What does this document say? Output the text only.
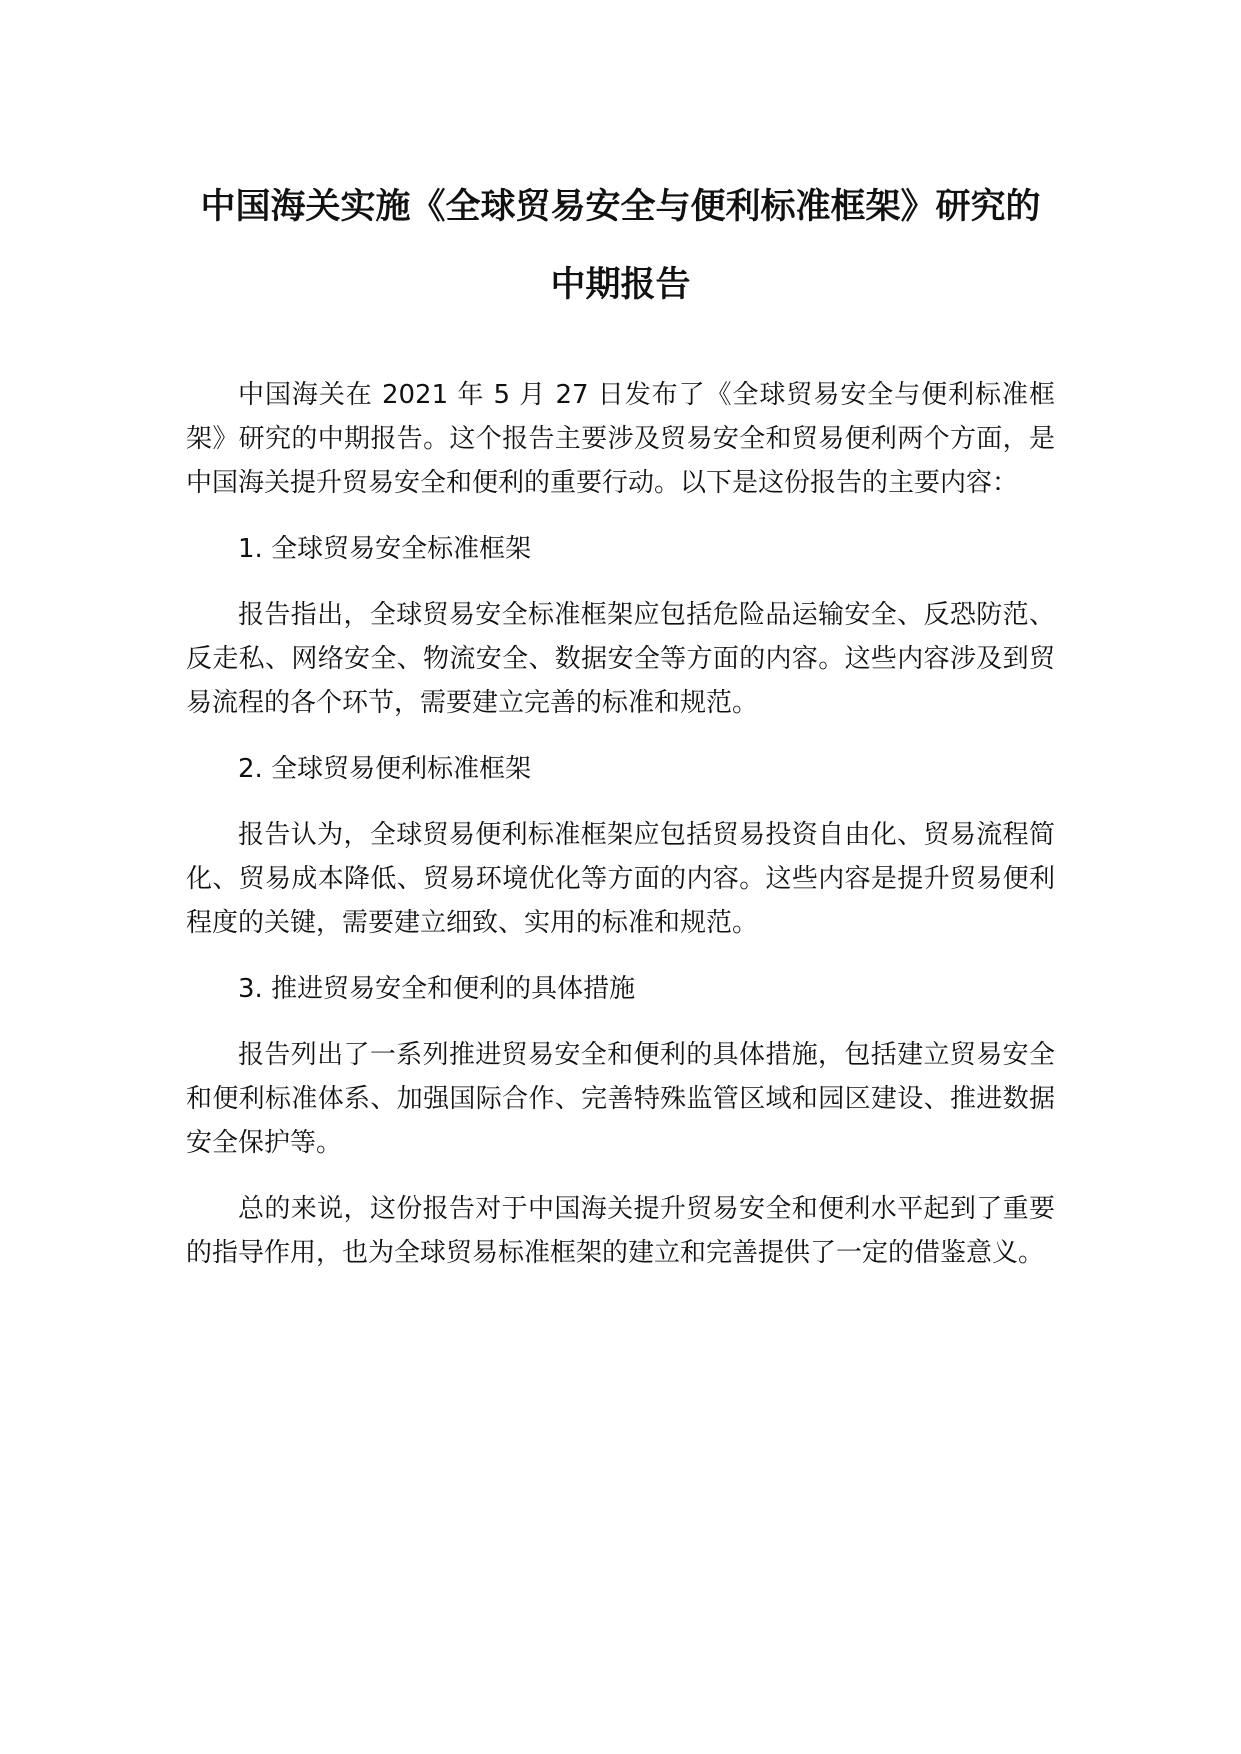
中国海关实施《全球贸易安全与便利标准框架》研究的中期报告

中国海关在 2021 年 5 月 27 日发布了《全球贸易安全与便利标准框架》研究的中期报告。这个报告主要涉及贸易安全和贸易便利两个方面，是中国海关提升贸易安全和便利的重要行动。以下是这份报告的主要内容：

1. 全球贸易安全标准框架

报告指出，全球贸易安全标准框架应包括危险品运输安全、反恐防范、反走私、网络安全、物流安全、数据安全等方面的内容。这些内容涉及到贸易流程的各个环节，需要建立完善的标准和规范。

2. 全球贸易便利标准框架

报告认为，全球贸易便利标准框架应包括贸易投资自由化、贸易流程简化、贸易成本降低、贸易环境优化等方面的内容。这些内容是提升贸易便利程度的关键，需要建立细致、实用的标准和规范。

3. 推进贸易安全和便利的具体措施

报告列出了一系列推进贸易安全和便利的具体措施，包括建立贸易安全和便利标准体系、加强国际合作、完善特殊监管区域和园区建设、推进数据安全保护等。

总的来说，这份报告对于中国海关提升贸易安全和便利水平起到了重要的指导作用，也为全球贸易标准框架的建立和完善提供了一定的借鉴意义。
